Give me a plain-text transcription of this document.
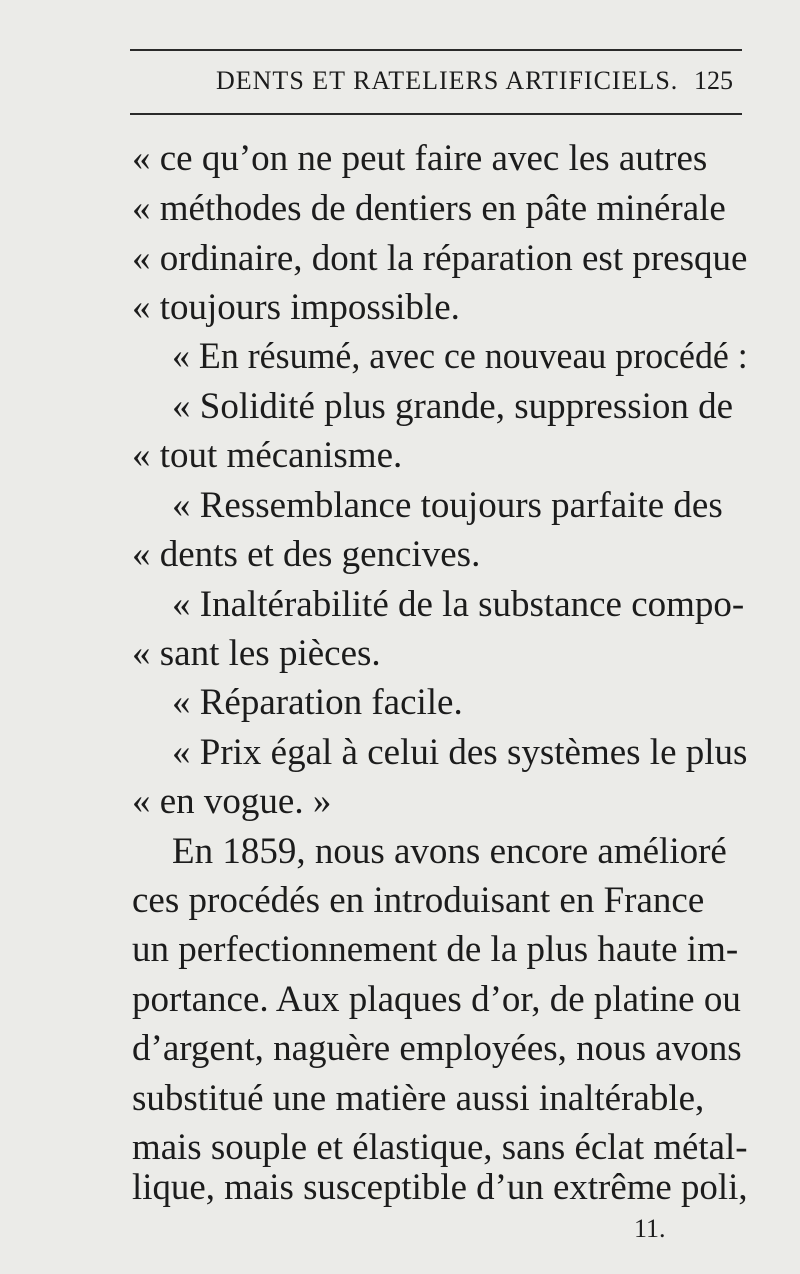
DENTS ET RATELIERS ARTIFICIELS. 125
« ce qu’on ne peut faire avec les autres
« méthodes de dentiers en pâte minérale
« ordinaire, dont la réparation est presque
« toujours impossible.
« En résumé, avec ce nouveau procédé :
« Solidité plus grande, suppression de
« tout mécanisme.
« Ressemblance toujours parfaite des
« dents et des gencives.
« Inaltérabilité de la substance compo-
« sant les pièces.
« Réparation facile.
« Prix égal à celui des systèmes le plus
« en vogue. »
En 1859, nous avons encore amélioré
ces procédés en introduisant en France
un perfectionnement de la plus haute im-
portance. Aux plaques d’or, de platine ou
d’argent, naguère employées, nous avons
substitué une matière aussi inaltérable,
mais souple et élastique, sans éclat métal-
lique, mais susceptible d’un extrême poli,
11.
